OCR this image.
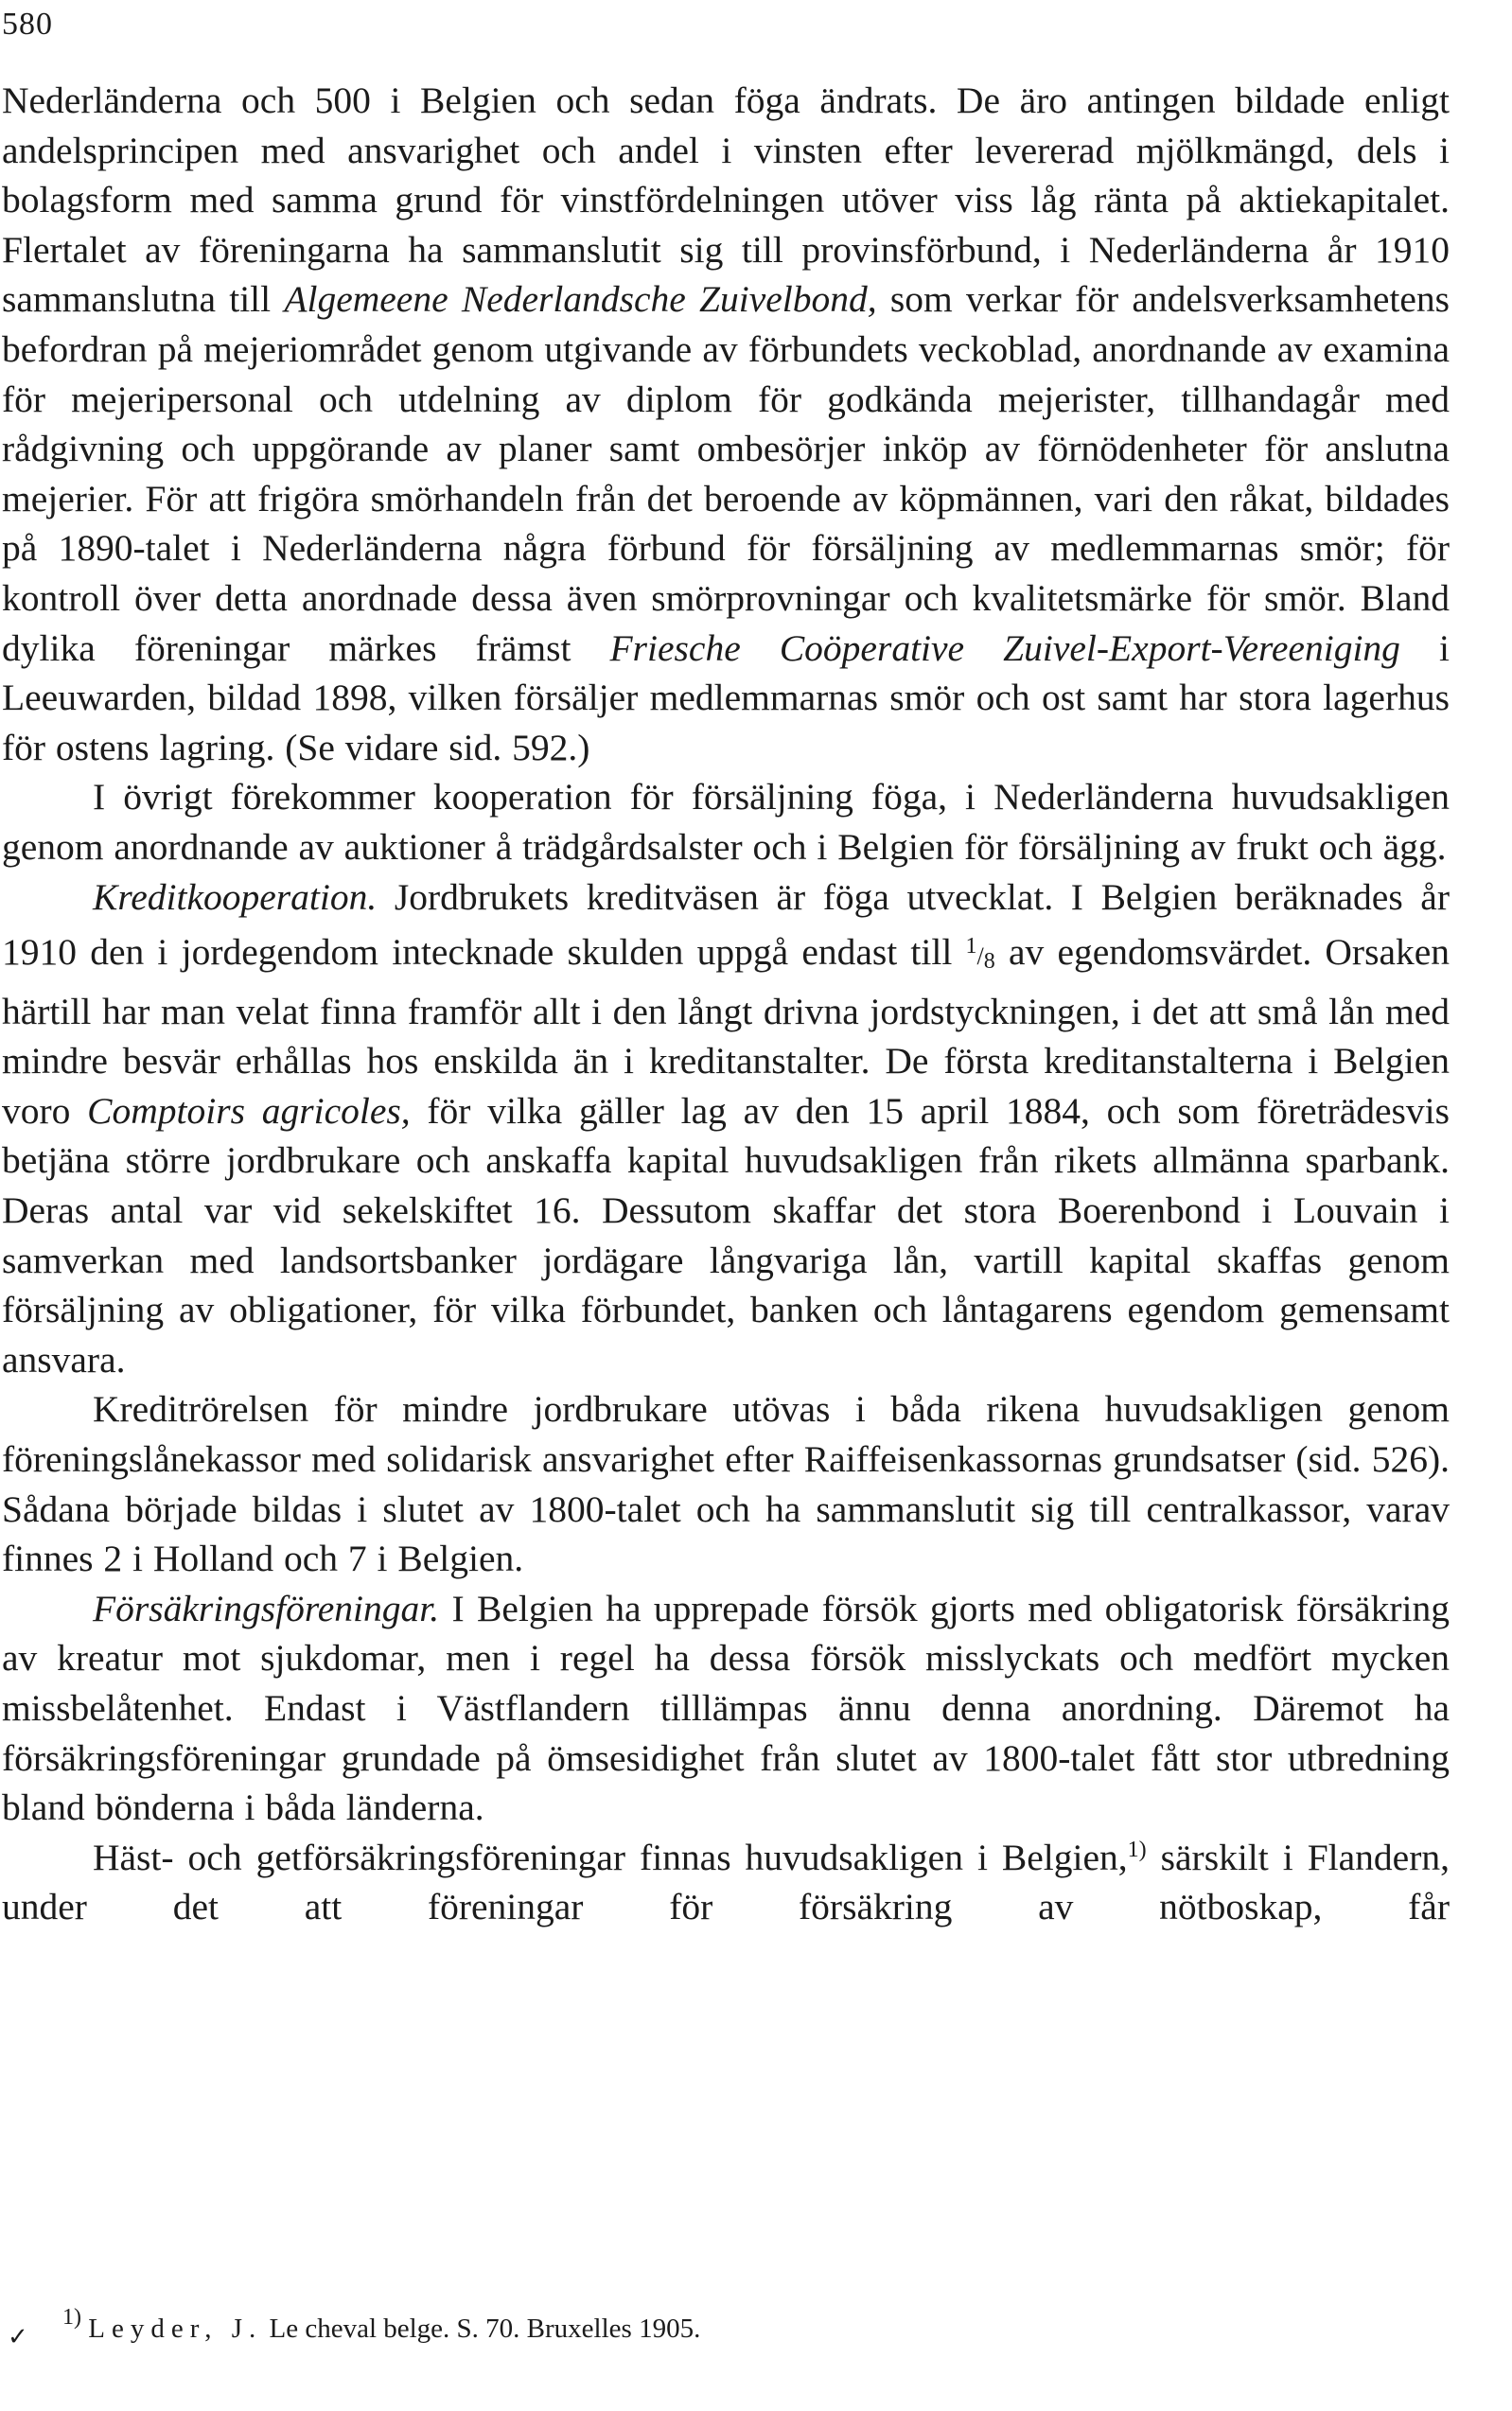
580

Nederländerna och 500 i Belgien och sedan föga ändrats. De äro antingen bildade enligt andelsprincipen med ansvarighet och andel i vinsten efter levererad mjölkmängd, dels i bolagsform med samma grund för vinstfördelningen utöver viss låg ränta på aktiekapitalet. Flertalet av föreningarna ha sammanslutit sig till provinsförbund, i Nederländerna år 1910 sammanslutna till Algemeene Nederlandsche Zuivelbond, som verkar för andelsverksamhetens befordran på mejeriområdet genom utgivande av förbundets veckoblad, anordnande av examina för mejeripersonal och utdelning av diplom för godkända mejerister, tillhandagår med rådgivning och uppgörande av planer samt ombesörjer inköp av förnödenheter för anslutna mejerier. För att frigöra smörhandeln från det beroende av köpmännen, vari den råkat, bildades på 1890-talet i Nederländerna några förbund för försäljning av medlemmarnas smör; för kontroll över detta anordnade dessa även smörprovningar och kvalitetsmärke för smör. Bland dylika föreningar märkes främst Friesche Coöperative Zuivel-Export-Vereeniging i Leeuwarden, bildad 1898, vilken försäljer medlemmarnas smör och ost samt har stora lagerhus för ostens lagring. (Se vidare sid. 592.)

I övrigt förekommer kooperation för försäljning föga, i Nederländerna huvudsakligen genom anordnande av auktioner å trädgårdsalster och i Belgien för försäljning av frukt och ägg.

Kreditkooperation. Jordbrukets kreditväsen är föga utvecklat. I Belgien beräknades år 1910 den i jordegendom intecknade skulden uppgå endast till $^1/_8$ av egendomsvärdet. Orsaken härtill har man velat finna framför allt i den långt drivna jordstyckningen, i det att små lån med mindre besvär erhållas hos enskilda än i kreditanstalter. De första kreditanstalterna i Belgien voro Comptoirs agricoles, för vilka gäller lag av den 15 april 1884, och som företrädesvis betjäna större jordbrukare och anskaffa kapital huvudsakligen från rikets allmänna sparbank. Deras antal var vid sekelskiftet 16. Dessutom skaffar det stora Boerenbond i Louvain i samverkan med landsortsbanker jordägare långvariga lån, vartill kapital skaffas genom försäljning av obligationer, för vilka förbundet, banken och låntagarens egendom gemensamt ansvara.

Kreditrörelsen för mindre jordbrukare utövas i båda rikena huvudsakligen genom föreningslånekassor med solidarisk ansvarighet efter Raiffeisenkassornas grundsatser (sid. 526). Sådana började bildas i slutet av 1800-talet och ha sammanslutit sig till centralkassor, varav finnes 2 i Holland och 7 i Belgien.

Försäkringsföreningar. I Belgien ha upprepade försök gjorts med obligatorisk försäkring av kreatur mot sjukdomar, men i regel ha dessa försök misslyckats och medfört mycken missbelåtenhet. Endast i Västflandern tilllämpas ännu denna anordning. Däremot ha försäkringsföreningar grundade på ömsesidighet från slutet av 1800-talet fått stor utbredning bland bönderna i båda länderna.

Häst- och getförsäkringsföreningar finnas huvudsakligen i Belgien,$^{1)}$ särskilt i Flandern, under det att föreningar för försäkring av nötboskap, får

✓
$^{1)}$ Leyder, J. Le cheval belge. S. 70. Bruxelles 1905.
